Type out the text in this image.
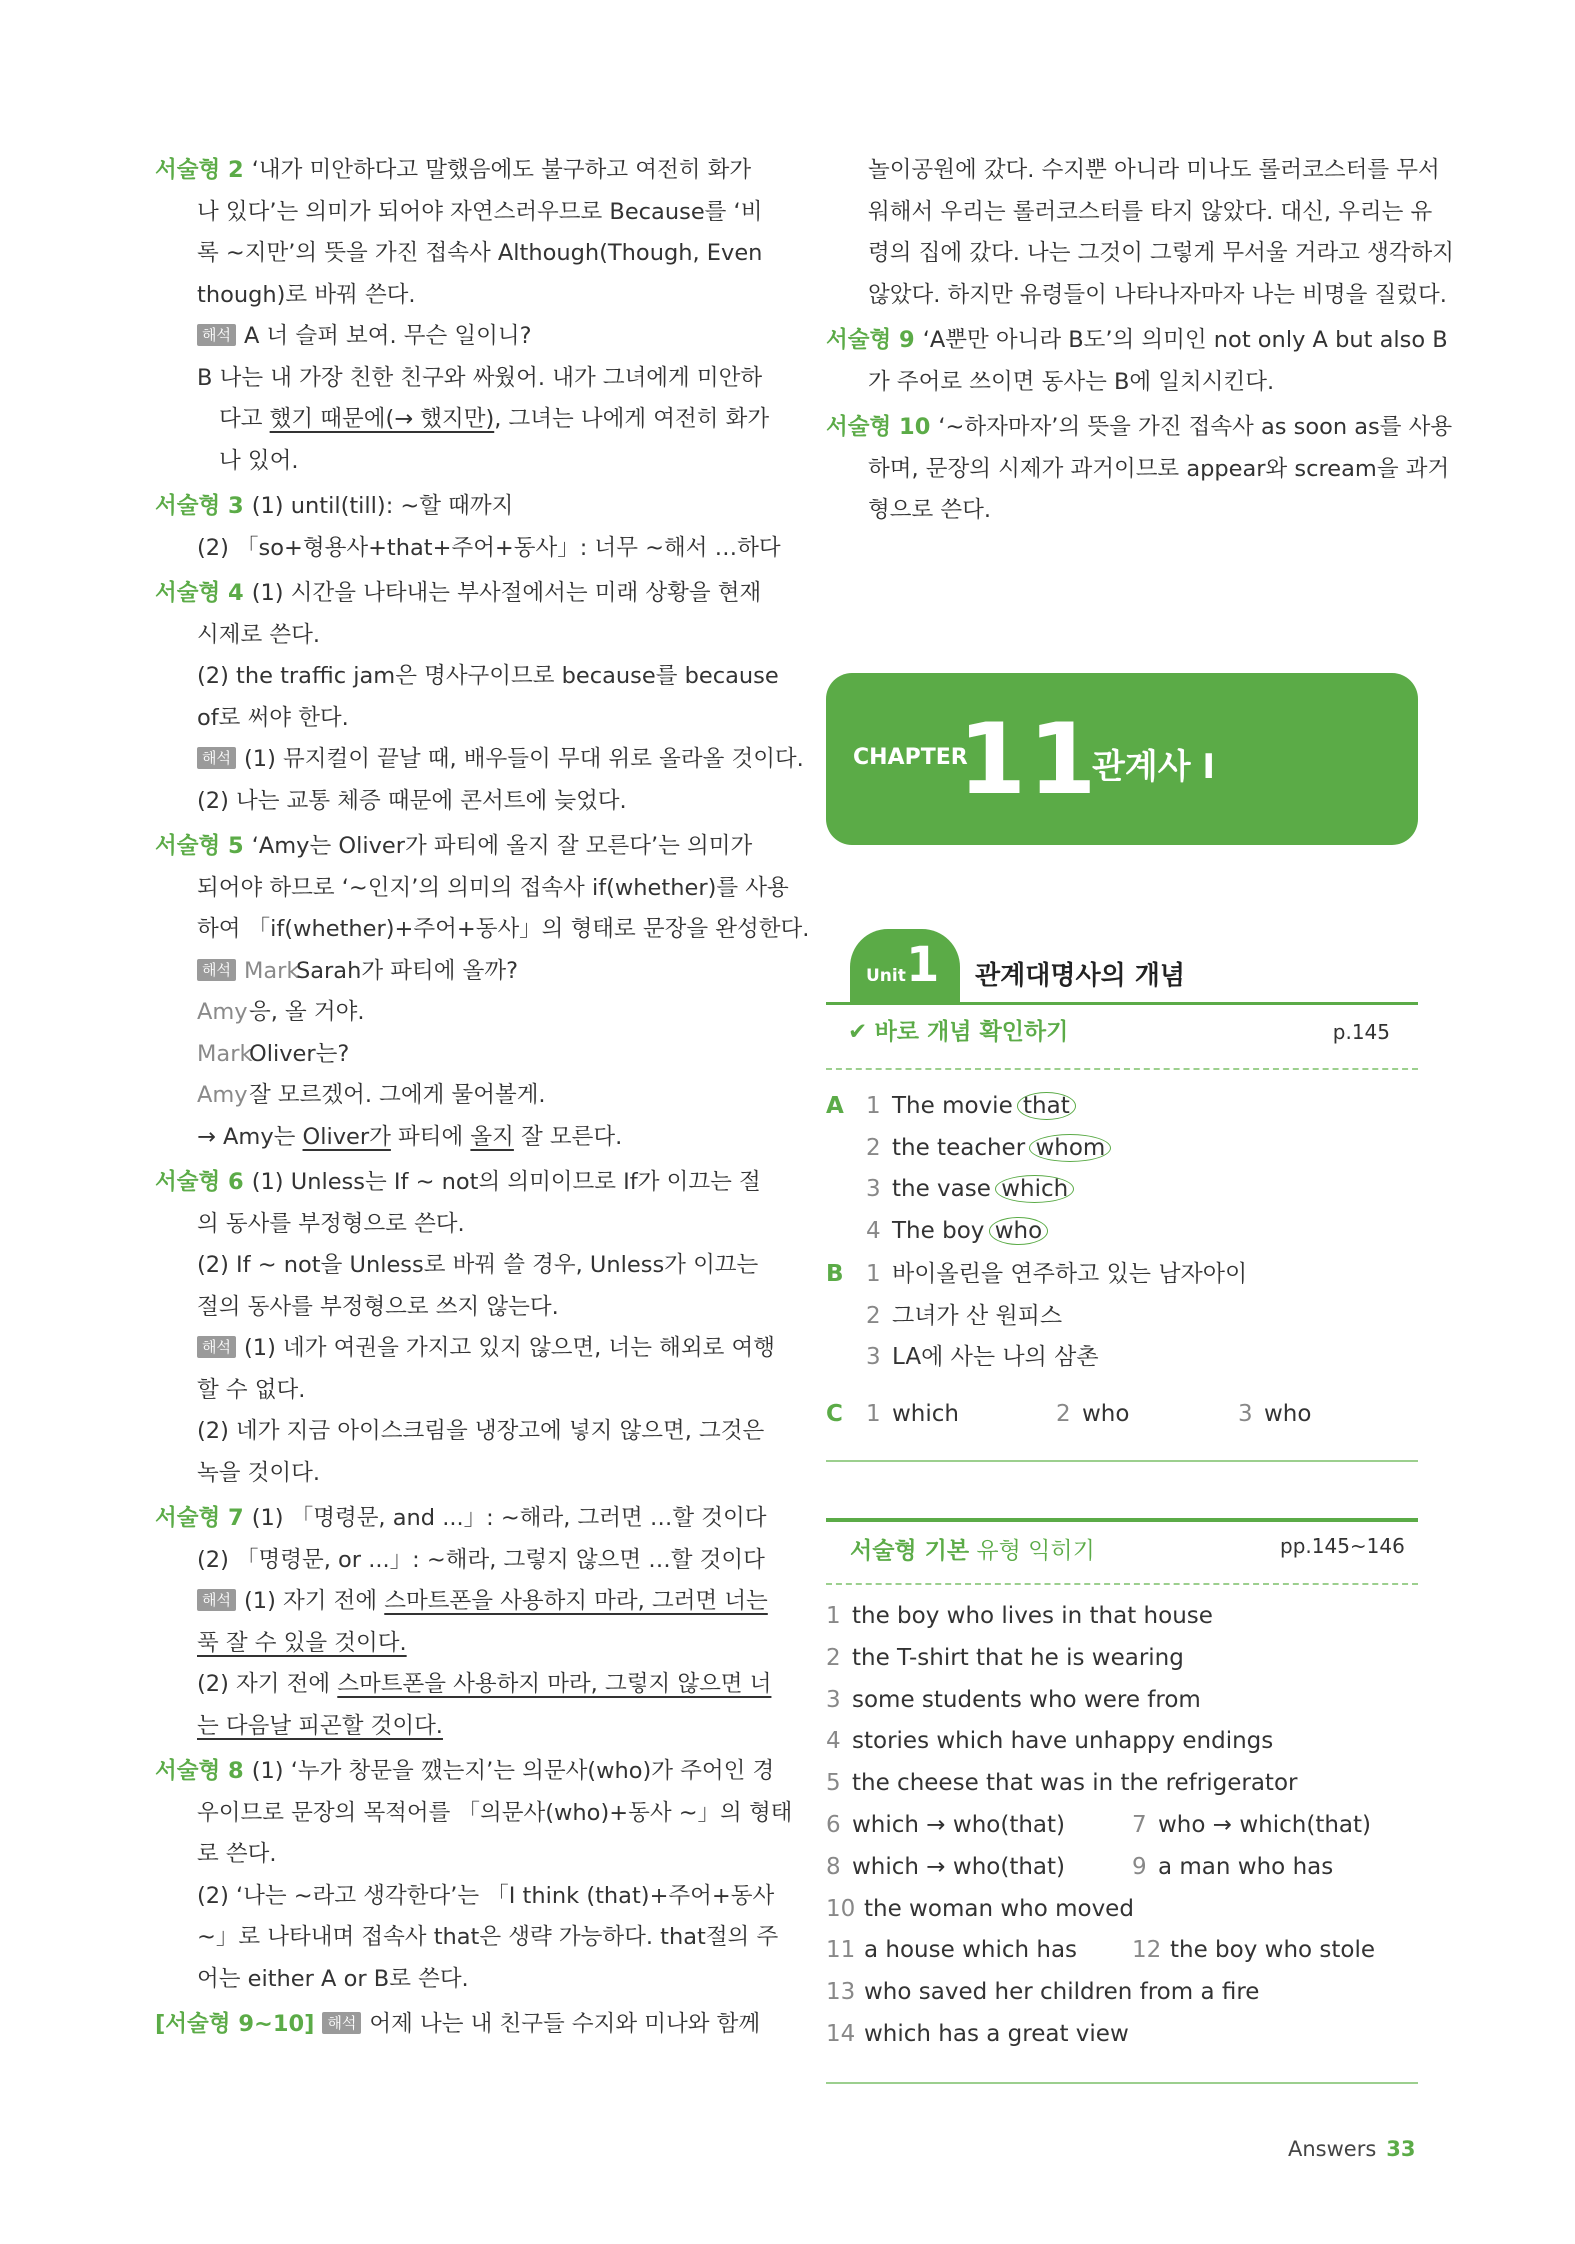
서술형 2 ‘내가 미안하다고 말했음에도 불구하고 여전히 화가
나 있다’는 의미가 되어야 자연스러우므로 Because를 ‘비
록 ~지만’의 뜻을 가진 접속사 Although(Though, Even
though)로 바꿔 쓴다.
해석 A 너 슬퍼 보여. 무슨 일이니?
B 나는 내 가장 친한 친구와 싸웠어. 내가 그녀에게 미안하
다고 했기 때문에(→ 했지만), 그녀는 나에게 여전히 화가
나 있어.
서술형 3 (1) until(till): ~할 때까지
(2) 「so+형용사+that+주어+동사」: 너무 ~해서 …하다
서술형 4 (1) 시간을 나타내는 부사절에서는 미래 상황을 현재
시제로 쓴다.
(2) the traffic jam은 명사구이므로 because를 because
of로 써야 한다.
해석 (1) 뮤지컬이 끝날 때, 배우들이 무대 위로 올라올 것이다.
(2) 나는 교통 체증 때문에 콘서트에 늦었다.
서술형 5 ‘Amy는 Oliver가 파티에 올지 잘 모른다’는 의미가
되어야 하므로 ‘~인지’의 의미의 접속사 if(whether)를 사용
하여 「if(whether)+주어+동사」의 형태로 문장을 완성한다.
해석 MarkSarah가 파티에 올까?
Amy응, 올 거야.
MarkOliver는?
Amy잘 모르겠어. 그에게 물어볼게.
→ Amy는 Oliver가 파티에 올지 잘 모른다.
서술형 6 (1) Unless는 If ~ not의 의미이므로 If가 이끄는 절
의 동사를 부정형으로 쓴다.
(2) If ~ not을 Unless로 바꿔 쓸 경우, Unless가 이끄는
절의 동사를 부정형으로 쓰지 않는다.
해석 (1) 네가 여권을 가지고 있지 않으면, 너는 해외로 여행
할 수 없다.
(2) 네가 지금 아이스크림을 냉장고에 넣지 않으면, 그것은
녹을 것이다.
서술형 7 (1) 「명령문, and ...」: ~해라, 그러면 …할 것이다
(2) 「명령문, or ...」: ~해라, 그렇지 않으면 …할 것이다
해석 (1) 자기 전에 스마트폰을 사용하지 마라, 그러면 너는
푹 잘 수 있을 것이다.
(2) 자기 전에 스마트폰을 사용하지 마라, 그렇지 않으면 너
는 다음날 피곤할 것이다.
서술형 8 (1) ‘누가 창문을 깼는지’는 의문사(who)가 주어인 경
우이므로 문장의 목적어를 「의문사(who)+동사 ~」의 형태
로 쓴다.
(2) ‘나는 ~라고 생각한다’는 「I think (that)+주어+동사
~」로 나타내며 접속사 that은 생략 가능하다. that절의 주
어는 either A or B로 쓴다.
[서술형 9~10] 해석 어제 나는 내 친구들 수지와 미나와 함께
놀이공원에 갔다. 수지뿐 아니라 미나도 롤러코스터를 무서
워해서 우리는 롤러코스터를 타지 않았다. 대신, 우리는 유
령의 집에 갔다. 나는 그것이 그렇게 무서울 거라고 생각하지
않았다. 하지만 유령들이 나타나자마자 나는 비명을 질렀다.
서술형 9 ‘A뿐만 아니라 B도’의 의미인 not only A but also B
가 주어로 쓰이면 동사는 B에 일치시킨다.
서술형 10 ‘~하자마자’의 뜻을 가진 접속사 as soon as를 사용
하며, 문장의 시제가 과거이므로 appear와 scream을 과거
형으로 쓴다.
CHAPTER
11
관계사 I
Unit 1 관계대명사의 개념
✔ 바로 개념 확인하기	p.145
A 1 The movie that
2 the teacher whom
3 the vase which
4 The boy who
B 1 바이올린을 연주하고 있는 남자아이
2 그녀가 산 원피스
3 LA에 사는 나의 삼촌
C 1 which	2 who	3 who
서술형 기본 유형 익히기	pp.145~146
1 the boy who lives in that house
2 the T-shirt that he is wearing
3 some students who were from
4 stories which have unhappy endings
5 the cheese that was in the refrigerator
6 which → who(that)	7 who → which(that)
8 which → who(that)	9 a man who has
10 the woman who moved
11 a house which has 12 the boy who stole
13 who saved her children from a fire
14 which has a great view
Answers 33
